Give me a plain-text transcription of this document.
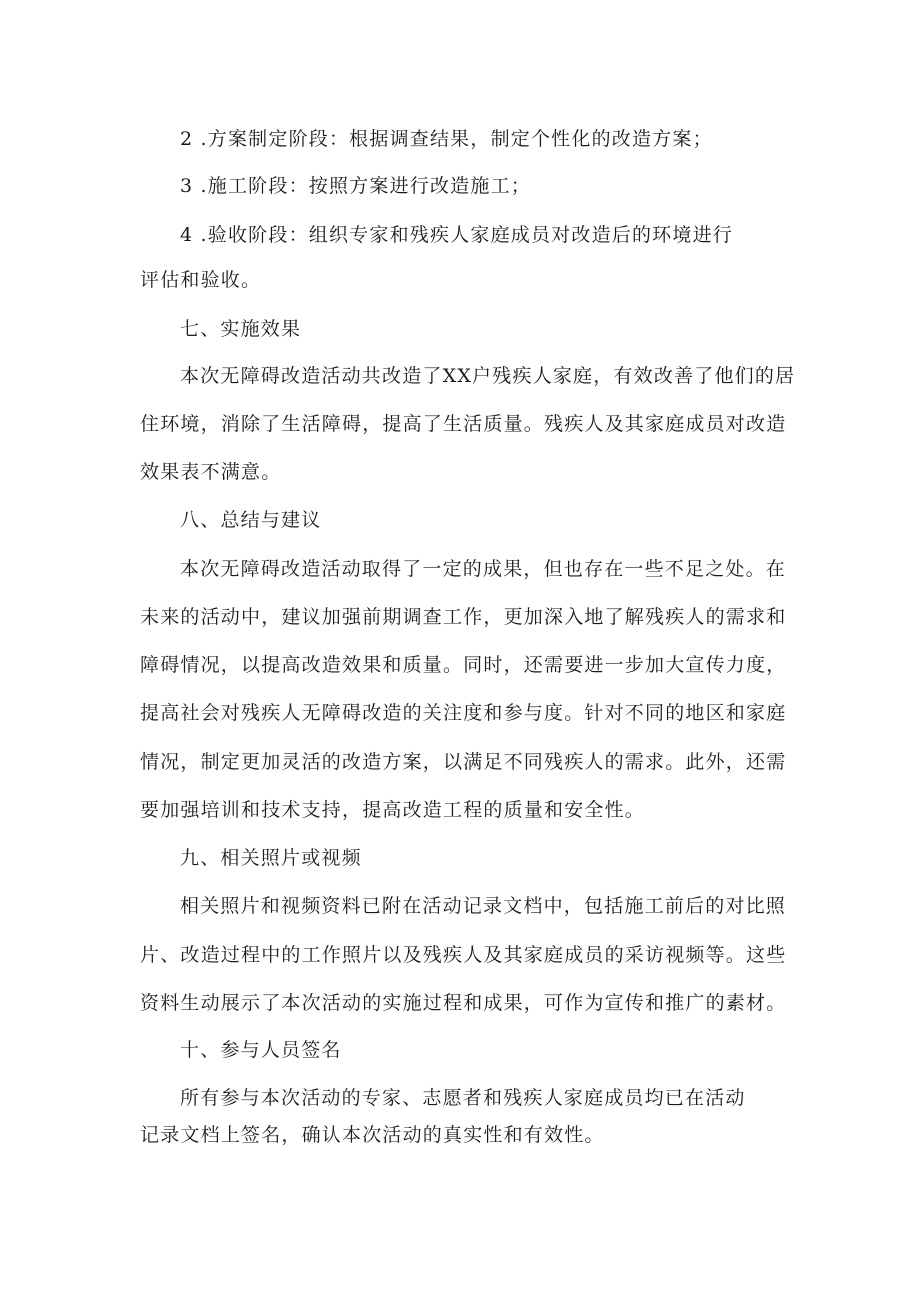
2 .方案制定阶段：根据调查结果，制定个性化的改造方案；
3 .施工阶段：按照方案进行改造施工；
4 .验收阶段：组织专家和残疾人家庭成员对改造后的环境进行
评估和验收。
七、实施效果
本次无障碍改造活动共改造了XX户残疾人家庭，有效改善了他们的居
住环境，消除了生活障碍，提高了生活质量。残疾人及其家庭成员对改造
效果表不满意。
八、总结与建议
本次无障碍改造活动取得了一定的成果，但也存在一些不足之处。在
未来的活动中，建议加强前期调查工作，更加深入地了解残疾人的需求和
障碍情况，以提高改造效果和质量。同时，还需要进一步加大宣传力度，
提高社会对残疾人无障碍改造的关注度和参与度。针对不同的地区和家庭
情况，制定更加灵活的改造方案，以满足不同残疾人的需求。此外，还需
要加强培训和技术支持，提高改造工程的质量和安全性。
九、相关照片或视频
相关照片和视频资料已附在活动记录文档中，包括施工前后的对比照
片、改造过程中的工作照片以及残疾人及其家庭成员的采访视频等。这些
资料生动展示了本次活动的实施过程和成果，可作为宣传和推广的素材。
十、参与人员签名
所有参与本次活动的专家、志愿者和残疾人家庭成员均已在活动
记录文档上签名，确认本次活动的真实性和有效性。
